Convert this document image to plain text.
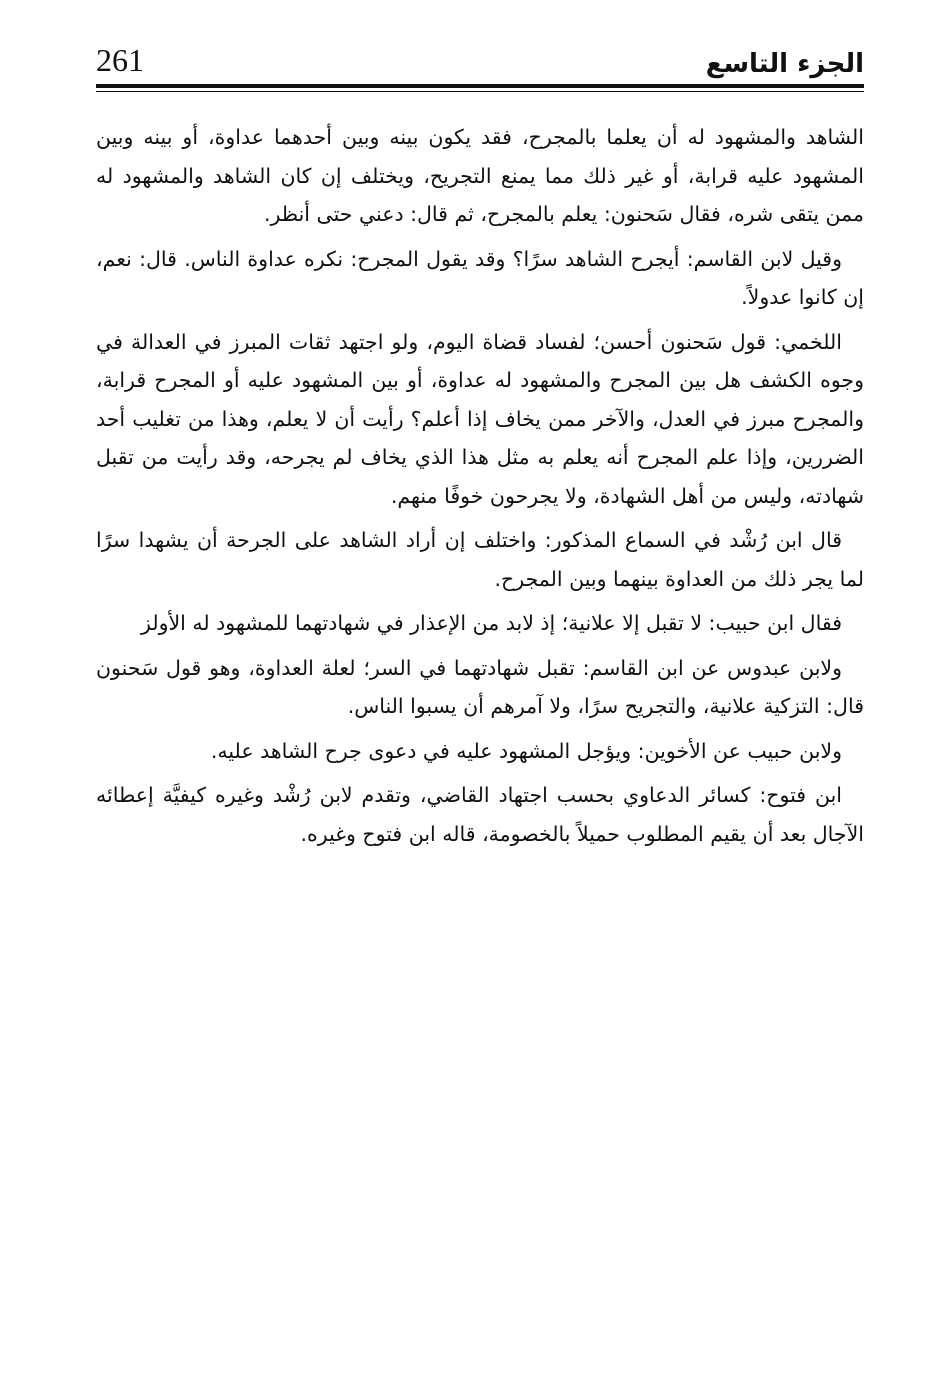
261	الجزء التاسع

الشاهد والمشهود له أن يعلما بالمجرح، فقد يكون بينه وبين أحدهما عداوة، أو بينه وبين المشهود عليه قرابة، أو غير ذلك مما يمنع التجريح، ويختلف إن كان الشاهد والمشهود له ممن يتقى شره، فقال سَحنون: يعلم بالمجرح، ثم قال: دعني حتى أنظر.

وقيل لابن القاسم: أيجرح الشاهد سرًا؟ وقد يقول المجرح: نكره عداوة الناس. قال: نعم، إن كانوا عدولاً.

اللخمي: قول سَحنون أحسن؛ لفساد قضاة اليوم، ولو اجتهد ثقات المبرز في العدالة في وجوه الكشف هل بين المجرح والمشهود له عداوة، أو بين المشهود عليه أو المجرح قرابة، والمجرح مبرز في العدل، والآخر ممن يخاف إذا أعلم؟ رأيت أن لا يعلم، وهذا من تغليب أحد الضررين، وإذا علم المجرح أنه يعلم به مثل هذا الذي يخاف لم يجرحه، وقد رأيت من تقبل شهادته، وليس من أهل الشهادة، ولا يجرحون خوفًا منهم.

قال ابن رُشْد في السماع المذكور: واختلف إن أراد الشاهد على الجرحة أن يشهدا سرًا لما يجر ذلك من العداوة بينهما وبين المجرح.

فقال ابن حبيب: لا تقبل إلا علانية؛ إذ لابد من الإعذار في شهادتهما للمشهود له الأولز

ولابن عبدوس عن ابن القاسم: تقبل شهادتهما في السر؛ لعلة العداوة، وهو قول سَحنون قال: التزكية علانية، والتجريح سرًا، ولا آمرهم أن يسبوا الناس.

ولابن حبيب عن الأخوين: ويؤجل المشهود عليه في دعوى جرح الشاهد عليه.

ابن فتوح: كسائر الدعاوي بحسب اجتهاد القاضي، وتقدم لابن رُشْد وغيره كيفيَّة إعطائه الآجال بعد أن يقيم المطلوب حميلاً بالخصومة، قاله ابن فتوح وغيره.
